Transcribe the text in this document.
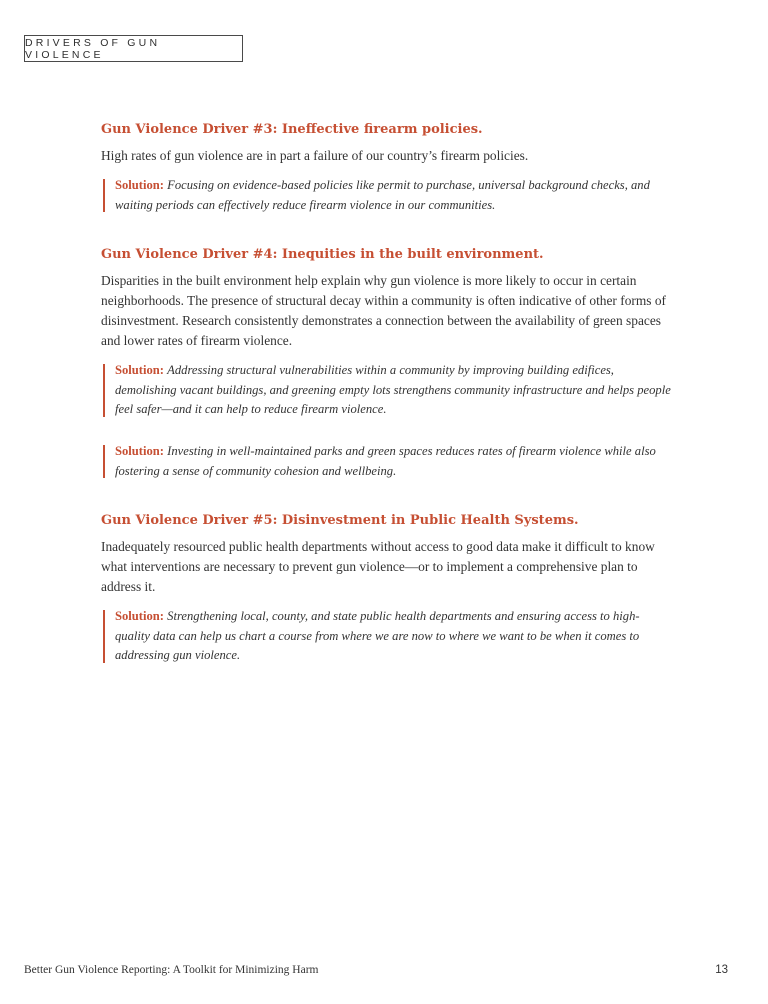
DRIVERS OF GUN VIOLENCE
Gun Violence Driver #3: Ineffective firearm policies.

High rates of gun violence are in part a failure of our country’s firearm policies.

Solution: Focusing on evidence-based policies like permit to purchase, universal background checks, and waiting periods can effectively reduce firearm violence in our communities.
Gun Violence Driver #4: Inequities in the built environment.

Disparities in the built environment help explain why gun violence is more likely to occur in certain neighborhoods. The presence of structural decay within a community is often indicative of other forms of disinvestment. Research consistently demonstrates a connection between the availability of green spaces and lower rates of firearm violence.

Solution: Addressing structural vulnerabilities within a community by improving building edifices, demolishing vacant buildings, and greening empty lots strengthens community infrastructure and helps people feel safer—and it can help to reduce firearm violence.
Solution: Investing in well-maintained parks and green spaces reduces rates of firearm violence while also fostering a sense of community cohesion and wellbeing.
Gun Violence Driver #5: Disinvestment in Public Health Systems.

Inadequately resourced public health departments without access to good data make it difficult to know what interventions are necessary to prevent gun violence—or to implement a comprehensive plan to address it.

Solution: Strengthening local, county, and state public health departments and ensuring access to high-quality data can help us chart a course from where we are now to where we want to be when it comes to addressing gun violence.
Better Gun Violence Reporting: A Toolkit for Minimizing Harm	13
